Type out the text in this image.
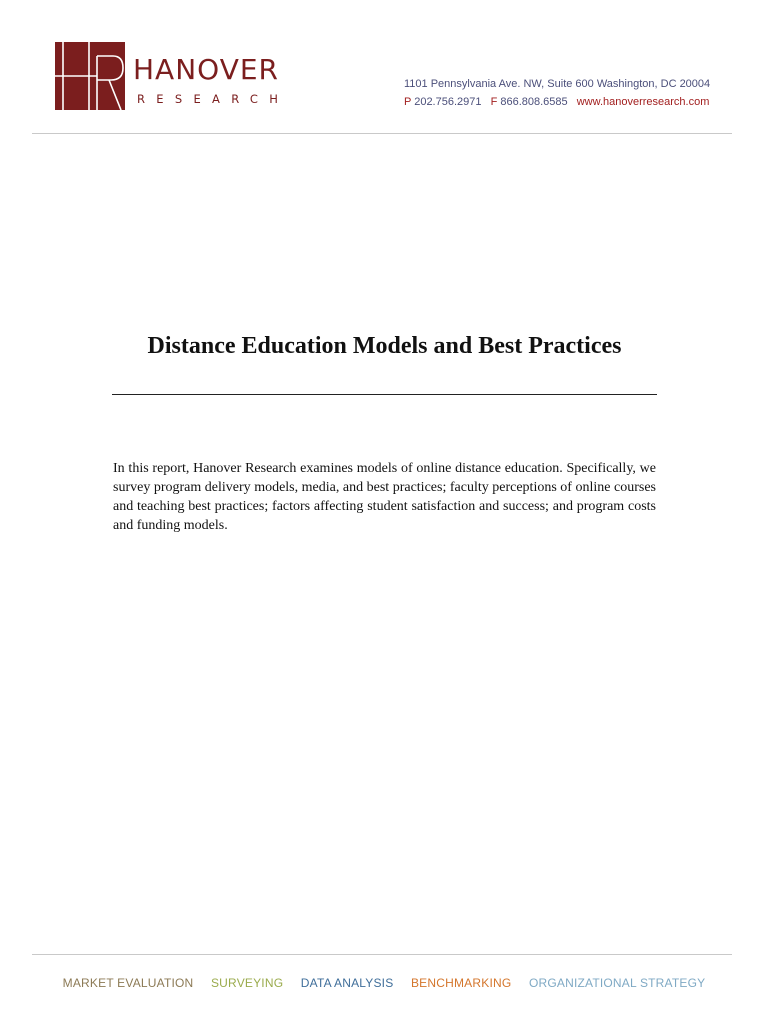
HANOVER
RESEARCH
1101 Pennsylvania Ave. NW, Suite 600 Washington, DC 20004
P 202.756.2971 F 866.808.6585 www.hanoverresearch.com
Distance Education Models and Best Practices

In this report, Hanover Research examines models of online distance education. Specifically, we survey program delivery models, media, and best practices; faculty perceptions of online courses and teaching best practices; factors affecting student satisfaction and success; and program costs and funding models.

MARKET EVALUATION SURVEYING DATA ANALYSIS BENCHMARKING ORGANIZATIONAL STRATEGY
